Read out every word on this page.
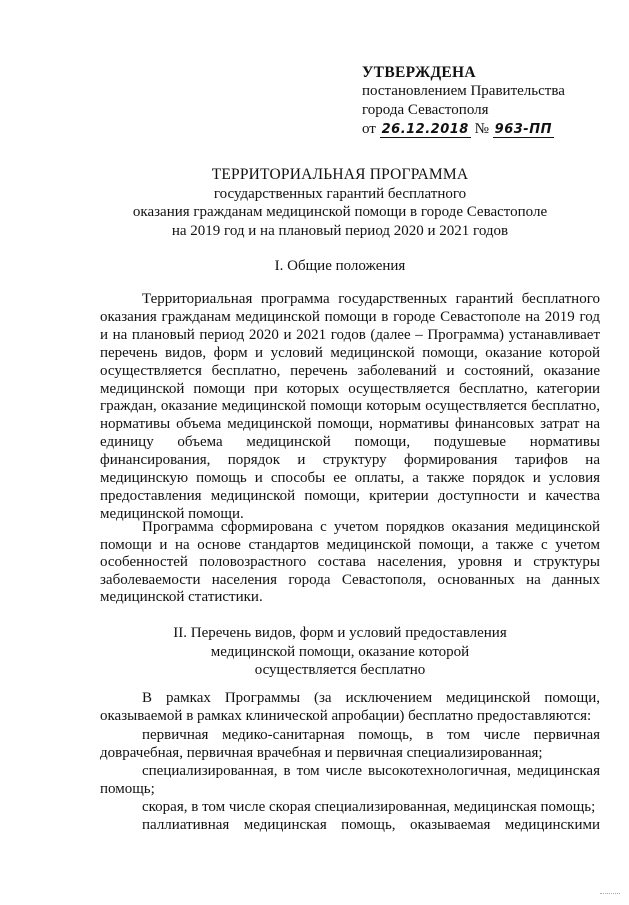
УТВЕРЖДЕНА
постановлением Правительства
города Севастополя
от 26.12.2018 № 963-ПП
ТЕРРИТОРИАЛЬНАЯ ПРОГРАММА
государственных гарантий бесплатного
оказания гражданам медицинской помощи в городе Севастополе
на 2019 год и на плановый период 2020 и 2021 годов
I. Общие положения
Территориальная программа государственных гарантий бесплатного оказания гражданам медицинской помощи в городе Севастополе на 2019 год и на плановый период 2020 и 2021 годов (далее – Программа) устанавливает перечень видов, форм и условий медицинской помощи, оказание которой осуществляется бесплатно, перечень заболеваний и состояний, оказание медицинской помощи при которых осуществляется бесплатно, категории граждан, оказание медицинской помощи которым осуществляется бесплатно, нормативы объема медицинской помощи, нормативы финансовых затрат на единицу объема медицинской помощи, подушевые нормативы финансирования, порядок и структуру формирования тарифов на медицинскую помощь и способы ее оплаты, а также порядок и условия предоставления медицинской помощи, критерии доступности и качества медицинской помощи.
Программа сформирована с учетом порядков оказания медицинской помощи и на основе стандартов медицинской помощи, а также с учетом особенностей половозрастного состава населения, уровня и структуры заболеваемости населения города Севастополя, основанных на данных медицинской статистики.
II. Перечень видов, форм и условий предоставления
медицинской помощи, оказание которой
осуществляется бесплатно
В рамках Программы (за исключением медицинской помощи, оказываемой в рамках клинической апробации) бесплатно предоставляются:
первичная медико-санитарная помощь, в том числе первичная доврачебная, первичная врачебная и первичная специализированная;
специализированная, в том числе высокотехнологичная, медицинская помощь;
скорая, в том числе скорая специализированная, медицинская помощь;
паллиативная медицинская помощь, оказываемая медицинскими
